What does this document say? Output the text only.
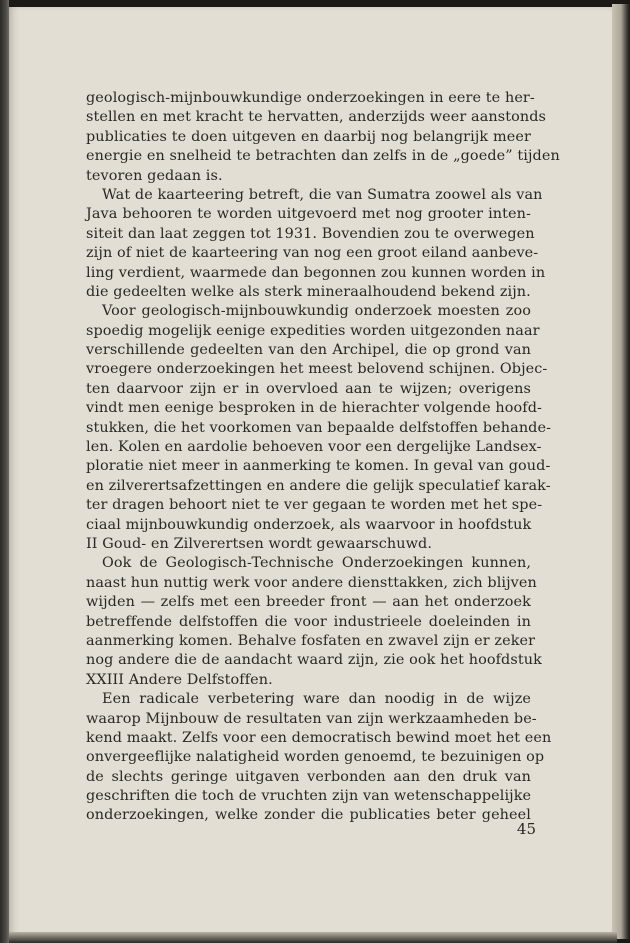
geologisch-mijnbouwkundige onderzoekingen in eere te her-
stellen en met kracht te hervatten, anderzijds weer aanstonds
publicaties te doen uitgeven en daarbij nog belangrijk meer
energie en snelheid te betrachten dan zelfs in de „goede” tijden
tevoren gedaan is.
Wat de kaarteering betreft, die van Sumatra zoowel als van
Java behooren te worden uitgevoerd met nog grooter inten-
siteit dan laat zeggen tot 1931. Bovendien zou te overwegen
zijn of niet de kaarteering van nog een groot eiland aanbeve-
ling verdient, waarmede dan begonnen zou kunnen worden in
die gedeelten welke als sterk mineraalhoudend bekend zijn.
Voor geologisch-mijnbouwkundig onderzoek moesten zoo
spoedig mogelijk eenige expedities worden uitgezonden naar
verschillende gedeelten van den Archipel, die op grond van
vroegere onderzoekingen het meest belovend schijnen. Objec-
ten daarvoor zijn er in overvloed aan te wijzen; overigens
vindt men eenige besproken in de hierachter volgende hoofd-
stukken, die het voorkomen van bepaalde delfstoffen behande-
len. Kolen en aardolie behoeven voor een dergelijke Landsex-
ploratie niet meer in aanmerking te komen. In geval van goud-
en zilverertsafzettingen en andere die gelijk speculatief karak-
ter dragen behoort niet te ver gegaan te worden met het spe-
ciaal mijnbouwkundig onderzoek, als waarvoor in hoofdstuk
II Goud- en Zilverertsen wordt gewaarschuwd.
Ook de Geologisch-Technische Onderzoekingen kunnen,
naast hun nuttig werk voor andere diensttakken, zich blijven
wijden — zelfs met een breeder front — aan het onderzoek
betreffende delfstoffen die voor industrieele doeleinden in
aanmerking komen. Behalve fosfaten en zwavel zijn er zeker
nog andere die de aandacht waard zijn, zie ook het hoofdstuk
XXIII Andere Delfstoffen.
Een radicale verbetering ware dan noodig in de wijze
waarop Mijnbouw de resultaten van zijn werkzaamheden be-
kend maakt. Zelfs voor een democratisch bewind moet het een
onvergeeflijke nalatigheid worden genoemd, te bezuinigen op
de slechts geringe uitgaven verbonden aan den druk van
geschriften die toch de vruchten zijn van wetenschappelijke
onderzoekingen, welke zonder die publicaties beter geheel
45
